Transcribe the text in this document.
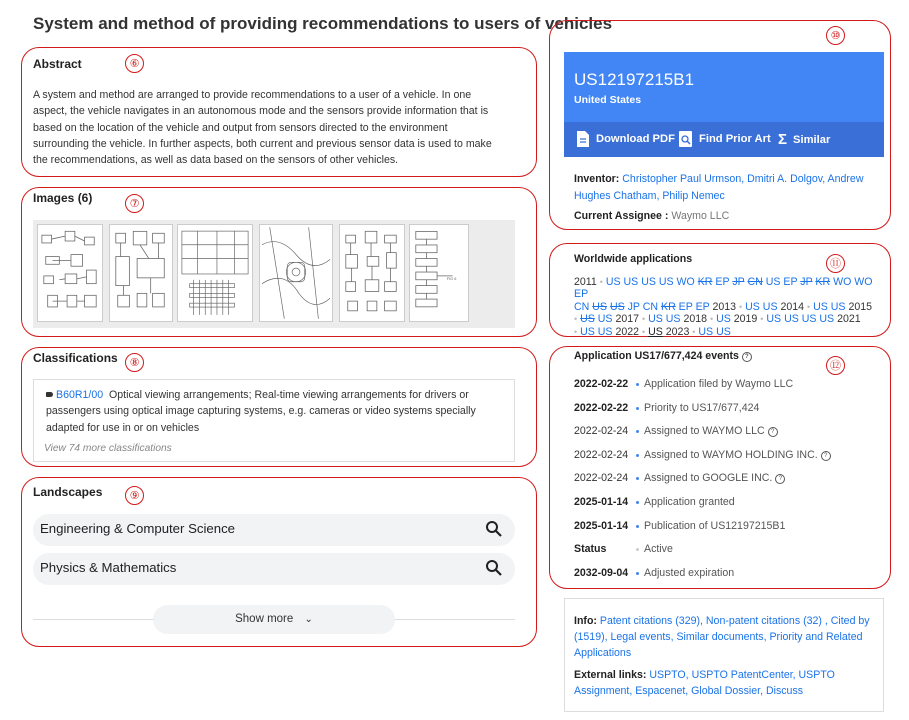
System and method of providing recommendations to users of vehicles
⑥
Abstract
A system and method are arranged to provide recommendations to a user of a vehicle. In one
aspect, the vehicle navigates in an autonomous mode and the sensors provide information that is
based on the location of the vehicle and output from sensors directed to the environment
surrounding the vehicle. In further aspects, both current and previous sensor data is used to make
the recommendations, as well as data based on the sensors of other vehicles.
⑦
Images (6)
FIG 6
⑧
Classifications
B60R1/00 Optical viewing arrangements; Real-time viewing arrangements for drivers or
passengers using optical image capturing systems, e.g. cameras or video systems specially
adapted for use in or on vehicles
View 74 more classifications
⑨
Landscapes
Engineering & Computer Science
Physics & Mathematics
Show more ⌄
⑩
US12197215B1
United States
Download PDF Find Prior Art Σ Similar
Inventor: Christopher Paul Urmson, Dmitri A. Dolgov, Andrew
Hughes Chatham, Philip Nemec
Current Assignee : Waymo LLC
⑪
Worldwide applications
2011 • US US US US WO KR EP JP CN US EP JP KR WO WO EP
CN US US JP CN KR EP EP 2013 • US US 2014 • US US 2015
• US US 2017 • US US 2018 • US 2019 • US US US US 2021
• US US 2022 • US 2023 • US US
⑫
Application US17/677,424 events ?
2022-02-22	Application filed by Waymo LLC
2022-02-22	Priority to US17/677,424
2022-02-24	Assigned to WAYMO LLC ?
2022-02-24	Assigned to WAYMO HOLDING INC. ?
2022-02-24	Assigned to GOOGLE INC. ?
2025-01-14	Application granted
2025-01-14	Publication of US12197215B1
Status	Active
2032-09-04	Adjusted expiration
Info: Patent citations (329), Non-patent citations (32) , Cited by
(1519), Legal events, Similar documents, Priority and Related
Applications
External links: USPTO, USPTO PatentCenter, USPTO
Assignment, Espacenet, Global Dossier, Discuss
